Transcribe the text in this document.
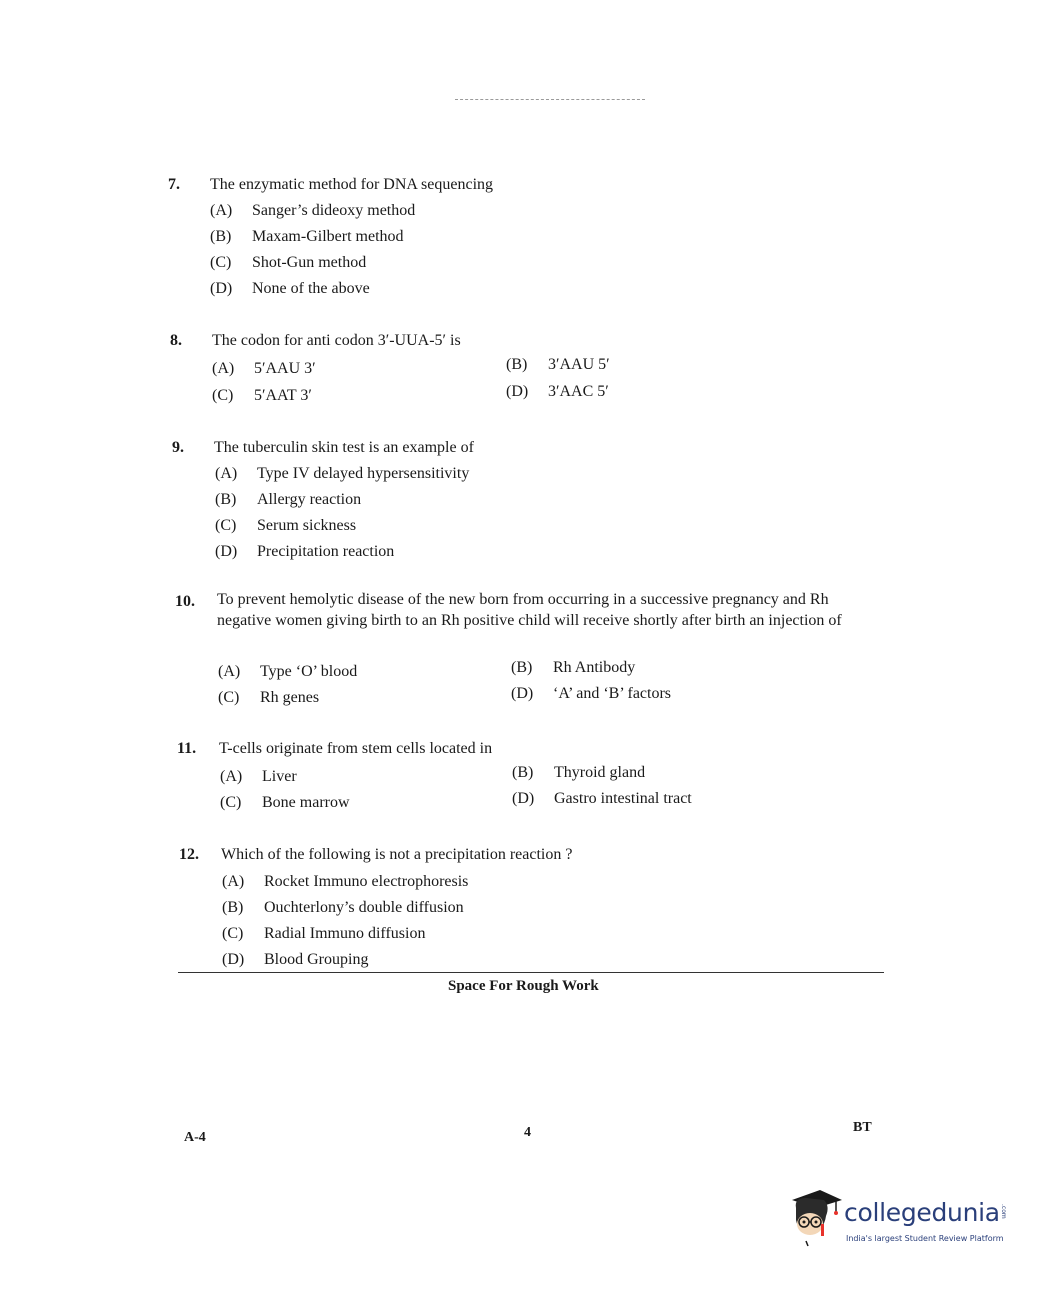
7. The enzymatic method for DNA sequencing
(A) Sanger’s dideoxy method
(B) Maxam-Gilbert method
(C) Shot-Gun method
(D) None of the above
8. The codon for anti codon 3′-UUA-5′ is
(A) 5′AAU 3′	(B) 3′AAU 5′
(C) 5′AAT 3′	(D) 3′AAC 5′
9. The tuberculin skin test is an example of
(A) Type IV delayed hypersensitivity
(B) Allergy reaction
(C) Serum sickness
(D) Precipitation reaction
10. To prevent hemolytic disease of the new born from occurring in a successive pregnancy and Rh negative women giving birth to an Rh positive child will receive shortly after birth an injection of
(A) Type ‘O’ blood	(B) Rh Antibody
(C) Rh genes	(D) ‘A’ and ‘B’ factors
11. T-cells originate from stem cells located in
(A) Liver	(B) Thyroid gland
(C) Bone marrow	(D) Gastro intestinal tract
12. Which of the following is not a precipitation reaction ?
(A) Rocket Immuno electrophoresis
(B) Ouchterlony’s double diffusion
(C) Radial Immuno diffusion
(D) Blood Grouping
Space For Rough Work
A-4	4	BT
collegedunia .com
India's largest Student Review Platform
